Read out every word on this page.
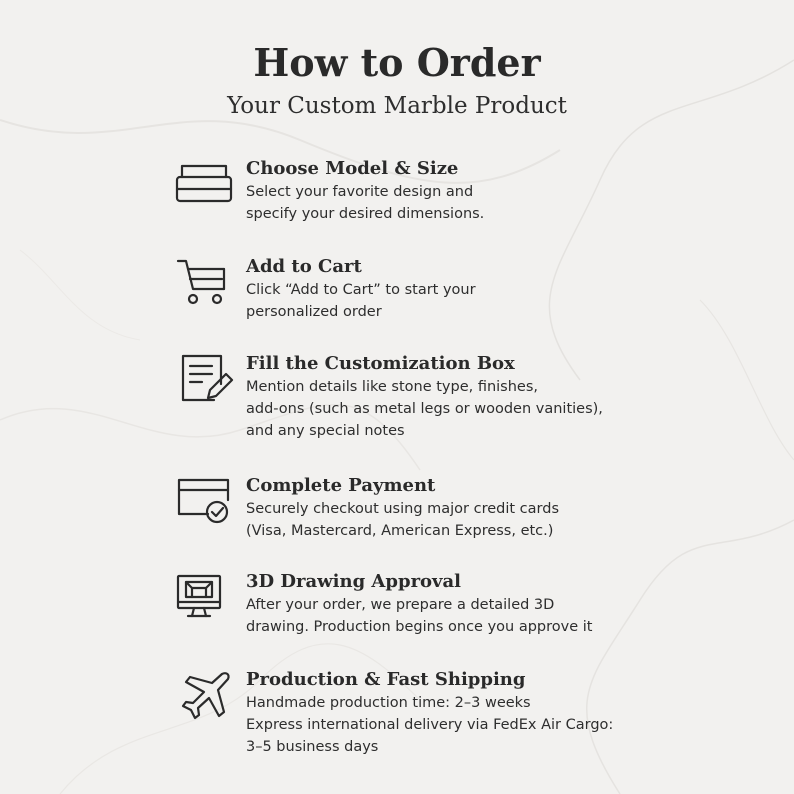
How to Order
Your Custom Marble Product
Choose Model & Size
Select your favorite design and
specify your desired dimensions.
Add to Cart
Click “Add to Cart” to start your
personalized order
Fill the Customization Box
Mention details like stone type, finishes,
add-ons (such as metal legs or wooden vanities),
and any special notes
Complete Payment
Securely checkout using major credit cards
(Visa, Mastercard, American Express, etc.)
3D Drawing Approval
After your order, we prepare a detailed 3D
drawing. Production begins once you approve it
Production & Fast Shipping
Handmade production time: 2–3 weeks
Express international delivery via FedEx Air Cargo:
3–5 business days
